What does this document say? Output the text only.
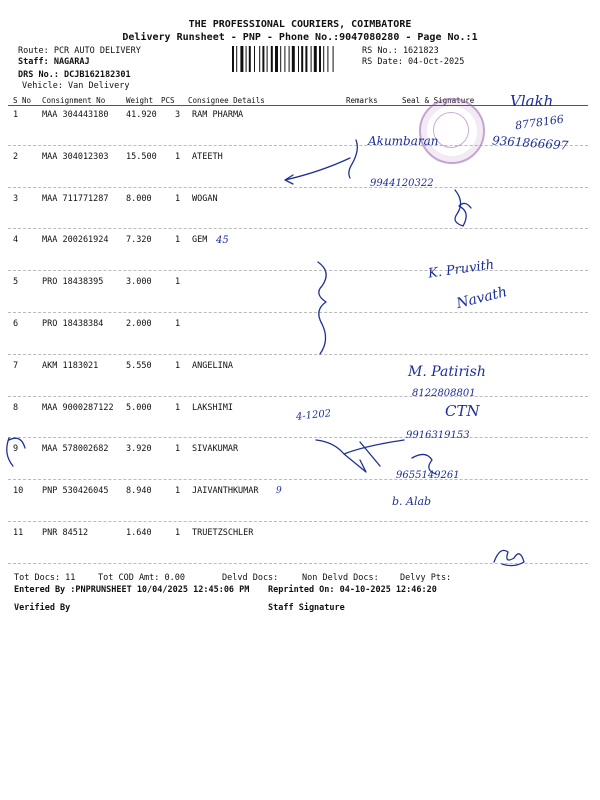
THE PROFESSIONAL COURIERS, COIMBATORE
Delivery Runsheet - PNP - Phone No.:9047080280 - Page No.:1
Route: PCR AUTO DELIVERY
Staff: NAGARAJ
DRS No.: DCJB162182301
Vehicle: Van Delivery
RS No.: 1621823
RS Date: 04-Oct-2025
S No Consignment No	Weight PCS Consignee Details	Remarks	Seal & Signature
1	MAA 304443180 41.920 3 RAM PHARMA
2	MAA 304012303 15.500 1 ATEETH
3	MAA 711771287 8.000	1 WOGAN
4	MAA 200261924 7.320	1 GEM
5	PRO 18438395	3.000	1
6	PRO 18438384	2.000	1
7	AKM 1183021	5.550	1 ANGELINA
8	MAA 9000287122 5.000	1 LAKSHIMI
9	MAA 578002682 3.920	1 SIVAKUMAR
10 PNP 530426045 8.940	1 JAIVANTHKUMAR
11 PNR 84512	1.640	1 TRUETZSCHLER
Tot Docs: 11	Tot COD Amt: 0.00	Delvd Docs:	Non Delvd Docs: Delvy Pts:
Entered By :PNPRUNSHEET 10/04/2025 12:45:06 PM Reprinted On: 04-10-2025 12:46:20
Verified By	Staff Signature
Vlakh
8778166
Akumbaran	9361866697
9944120322
45
K. Pruvith
Navath
M. Patirish
8122808801
CTN
4-1202
9916319153
9655149261
b. Alab
9
